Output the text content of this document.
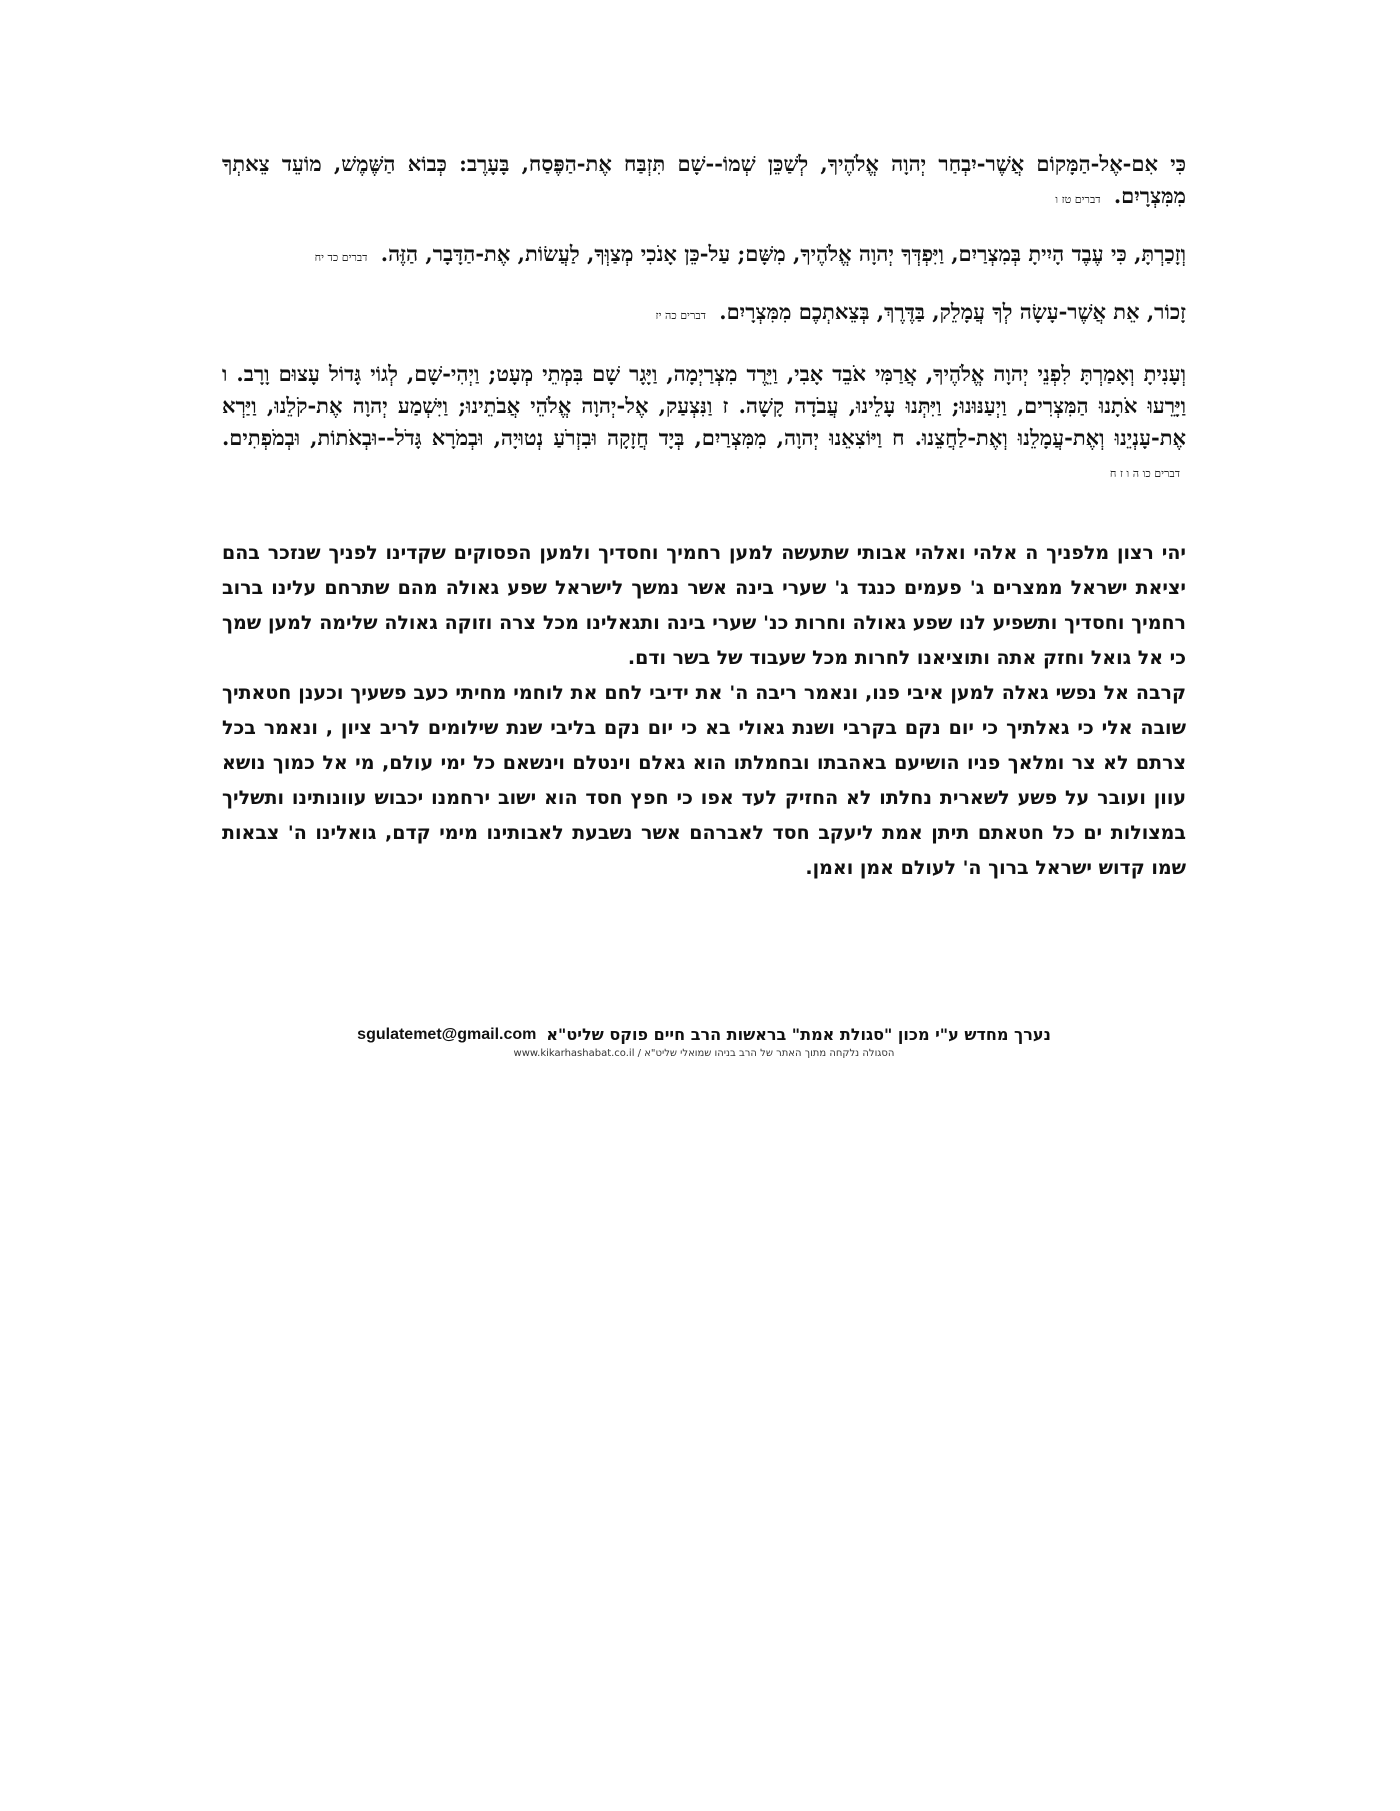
כִּי אִם-אֶל-הַמָּקוֹם אֲשֶׁר-יִבְחַר יְהוָה אֱלֹהֶיךָ, לְשַׁכֵּן שְׁמוֹ--שָׁם תִּזְבַּח אֶת-הַפֶּסַח, בָּעָרֶב: כְּבוֹא הַשֶּׁמֶשׁ, מוֹעֵד צֵאתְךָ מִמִּצְרָיִם. דברים טז ו

וְזָכַרְתָּ, כִּי עֶבֶד הָיִיתָ בְּמִצְרַיִם, וַיִּפְדְּךָ יְהוָה אֱלֹהֶיךָ, מִשָּׁם; עַל-כֵּן אָנֹכִי מְצַוְּךָ, לַעֲשׂוֹת, אֶת-הַדָּבָר, הַזֶּה. דברים כד יח

זָכוֹר, אֵת אֲשֶׁר-עָשָׂה לְךָ עֲמָלֵק, בַּדֶּרֶךְ, בְּצֵאתְכֶם מִמִּצְרָיִם. דברים כה יז

וְעָנִיתָ וְאָמַרְתָּ לִפְנֵי יְהוָה אֱלֹהֶיךָ, אֲרַמִּי אֹבֵד אָבִי, וַיֵּרֶד מִצְרַיְמָה, וַיָּגָר שָׁם בִּמְתֵי מְעָט; וַיְהִי-שָׁם, לְגוֹי גָּדוֹל עָצוּם וָרָב. ו וַיָּרֵעוּ אֹתָנוּ הַמִּצְרִים, וַיְעַנּוּנוּ; וַיִּתְּנוּ עָלֵינוּ, עֲבֹדָה קָשָׁה. ז וַנִּצְעַק, אֶל-יְהוָה אֱלֹהֵי אֲבֹתֵינוּ; וַיִּשְׁמַע יְהוָה אֶת-קֹלֵנוּ, וַיַּרְא אֶת-עָנְיֵנוּ וְאֶת-עֲמָלֵנוּ וְאֶת-לַחֲצֵנוּ. ח וַיּוֹצִאֵנוּ יְהוָה, מִמִּצְרַיִם, בְּיָד חֲזָקָה וּבִזְרֹעַ נְטוּיָה, וּבְמֹרָא גָּדֹל--וּבְאֹתוֹת, וּבְמֹפְתִים. דברים כו ה ו ז ח

יהי רצון מלפניך ה אלהי ואלהי אבותי שתעשה למען רחמיך וחסדיך ולמען הפסוקים שקדינו לפניך שנזכר בהם יציאת ישראל ממצרים ג' פעמים כנגד ג' שערי בינה אשר נמשך לישראל שפע גאולה מהם שתרחם עלינו ברוב רחמיך וחסדיך ותשפיע לנו שפע גאולה וחרות כנ' שערי בינה ותגאלינו מכל צרה וזוקה גאולה שלימה למען שמך כי אל גואל וחזק אתה ותוציאנו לחרות מכל שעבוד של בשר ודם.

קרבה אל נפשי גאלה למען איבי פנו, ונאמר ריבה ה' את ידיבי לחם את לוחמי מחיתי כעב פשעיך וכענן חטאתיך שובה אלי כי גאלתיך כי יום נקם בקרבי ושנת גאולי בא כי יום נקם בליבי שנת שילומים לריב ציון , ונאמר בכל צרתם לא צר ומלאך פניו הושיעם באהבתו ובחמלתו הוא גאלם וינטלם וינשאם כל ימי עולם, מי אל כמוך נושא עוון ועובר על פשע לשארית נחלתו לא החזיק לעד אפו כי חפץ חסד הוא ישוב ירחמנו יכבוש עוונותינו ותשליך במצולות ים כל חטאתם תיתן אמת ליעקב חסד לאברהם אשר נשבעת לאבותינו מימי קדם, גואלינו ה' צבאות שמו קדוש ישראל ברוך ה' לעולם אמן ואמן.

נערך מחדש ע"י מכון "סגולת אמת" בראשות הרב חיים פוקס שליט"א
sgulatemet@gmail.com
הסגולה נלקחה מתוך האתר של הרב בניהו שמואלי שליט"א / www.kikarhashabat.co.il
